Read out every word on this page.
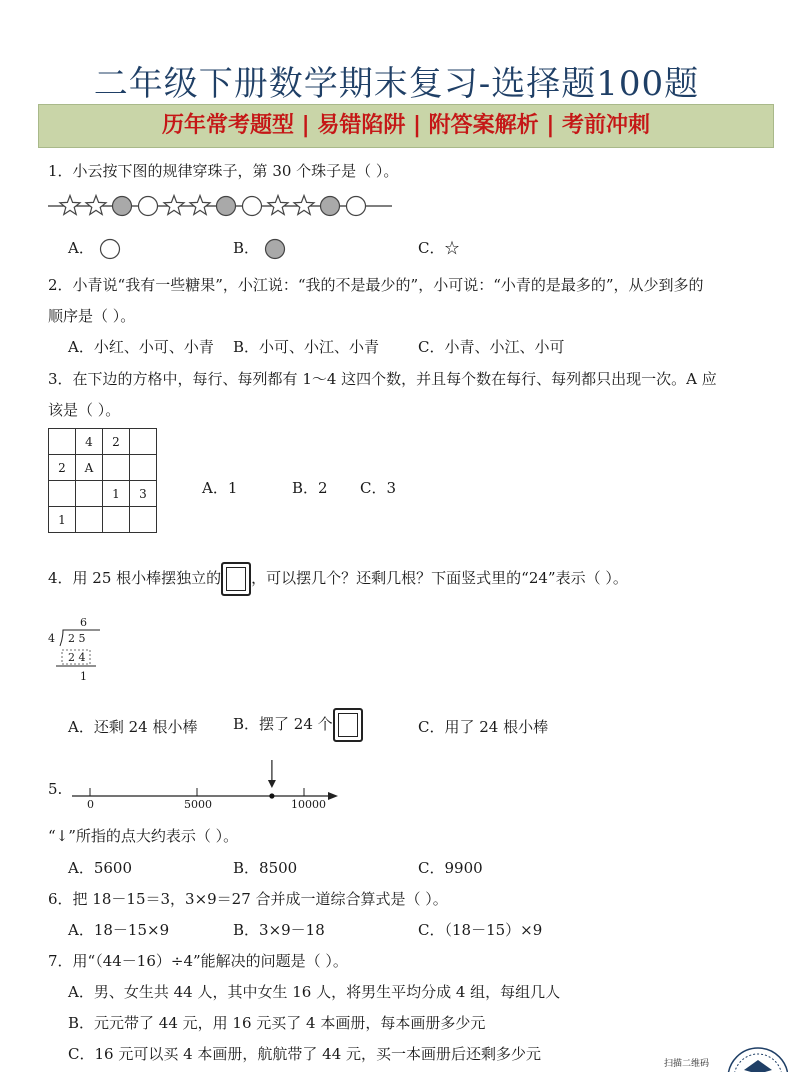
二年级下册数学期末复习-选择题100题
历年常考题型 | 易错陷阱 | 附答案解析 | 考前冲刺
1．小云按下图的规律穿珠子，第 30 个珠子是（ ）。
A．	B．	C．☆
2．小青说“我有一些糖果”，小江说：“我的不是最少的”，小可说：“小青的是最多的”，从少到多的
顺序是（ ）。
A．小红、小可、小青 B．小可、小江、小青	C．小青、小江、小可
3．在下边的方格中，每行、每列都有 1～4 这四个数，并且每个数在每行、每列都只出现一次。A 应
该是（ ）。
	4	2	
2	A		
		1	3
1			
A．1	B．2 C．3
4．用 25 根小棒摆独立的 ，可以摆几个？还剩几根？下面竖式里的“24”表示（ ）。
6
4 2 5
2 4
1
A．还剩 24 根小棒 B．摆了 24 个	C．用了 24 根小棒
5.
0	5000	10000
“↓”所指的点大约表示（ ）。
A．5600	B．8500	C．9900
6．把 18－15＝3，3×9＝27 合并成一道综合算式是（ ）。
A．18－15×9	B．3×9－18	C．（18－15）×9
7．用“（44－16）÷4”能解决的问题是（ ）。
A．男、女生共 44 人，其中女生 16 人，将男生平均分成 4 组，每组几人
B．元元带了 44 元，用 16 元买了 4 本画册，每本画册多少元
C．16 元可以买 4 本画册，航航带了 44 元，买一本画册后还剩多少元
扫描二维码
